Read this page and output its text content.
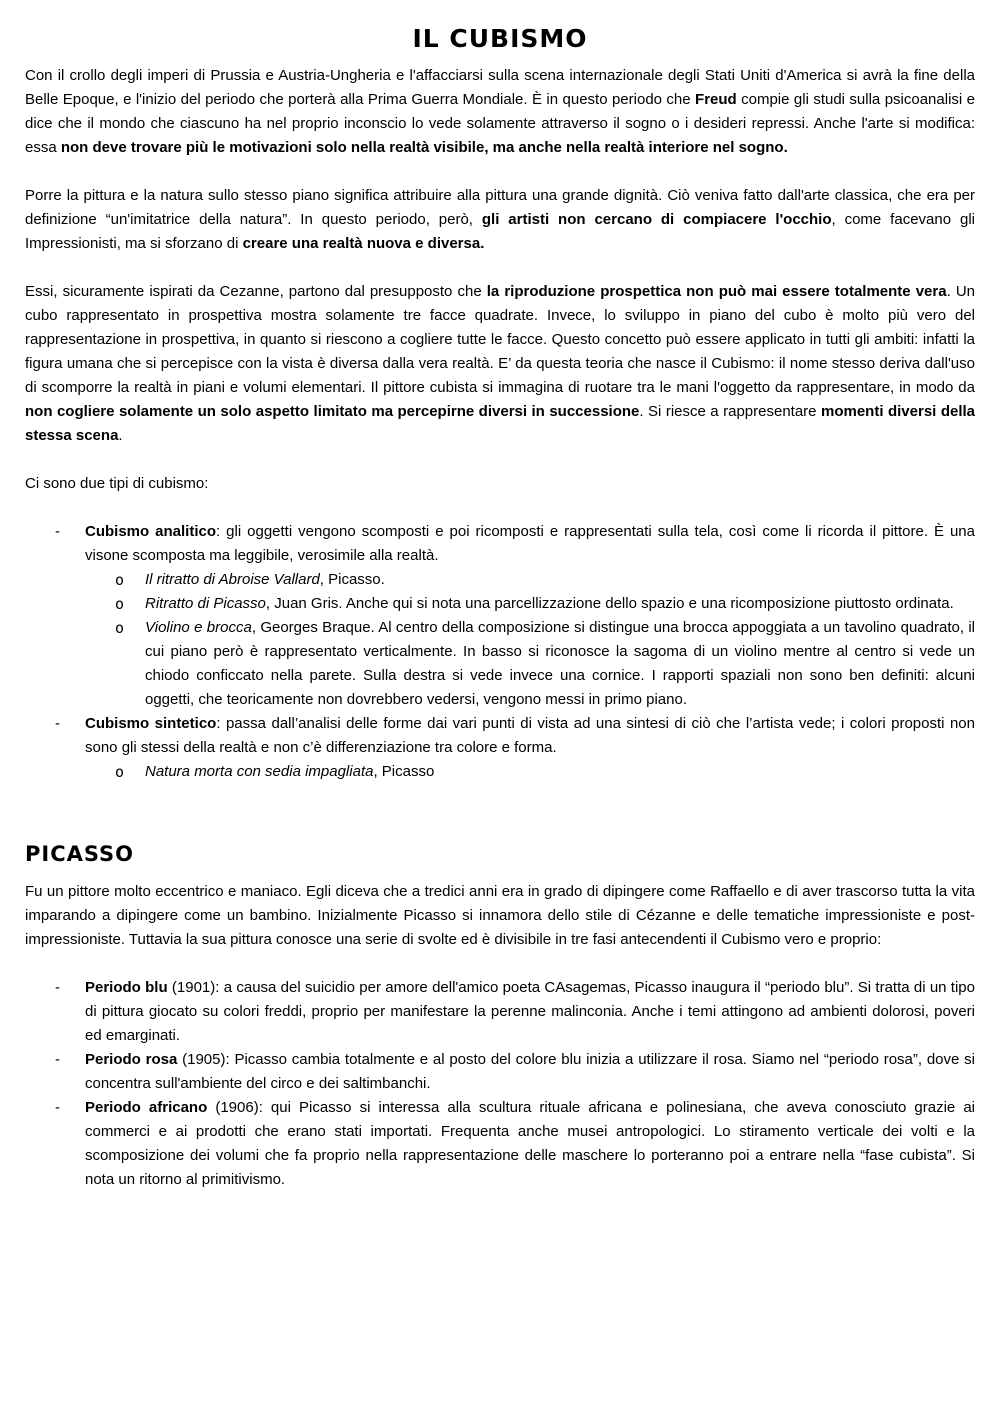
IL CUBISMO

Con il crollo degli imperi di Prussia e Austria-Ungheria e l'affacciarsi sulla scena internazionale degli Stati Uniti d'America si avrà la fine della Belle Epoque, e l'inizio del periodo che porterà alla Prima Guerra Mondiale. È in questo periodo che Freud compie gli studi sulla psicoanalisi e dice che il mondo che ciascuno ha nel proprio inconscio lo vede solamente attraverso il sogno o i desideri repressi. Anche l'arte si modifica: essa non deve trovare più le motivazioni solo nella realtà visibile, ma anche nella realtà interiore nel sogno.

Porre la pittura e la natura sullo stesso piano significa attribuire alla pittura una grande dignità. Ciò veniva fatto dall'arte classica, che era per definizione “un'imitatrice della natura”. In questo periodo, però, gli artisti non cercano di compiacere l'occhio, come facevano gli Impressionisti, ma si sforzano di creare una realtà nuova e diversa.

Essi, sicuramente ispirati da Cezanne, partono dal presupposto che la riproduzione prospettica non può mai essere totalmente vera. Un cubo rappresentato in prospettiva mostra solamente tre facce quadrate. Invece, lo sviluppo in piano del cubo è molto più vero del rappresentazione in prospettiva, in quanto si riescono a cogliere tutte le facce. Questo concetto può essere applicato in tutti gli ambiti: infatti la figura umana che si percepisce con la vista è diversa dalla vera realtà. E’ da questa teoria che nasce il Cubismo: il nome stesso deriva dall'uso di scomporre la realtà in piani e volumi elementari. Il pittore cubista si immagina di ruotare tra le mani l'oggetto da rappresentare, in modo da non cogliere solamente un solo aspetto limitato ma percepirne diversi in successione. Si riesce a rappresentare momenti diversi della stessa scena.

Ci sono due tipi di cubismo:

- Cubismo analitico: gli oggetti vengono scomposti e poi ricomposti e rappresentati sulla tela, così come li ricorda il pittore. È una visone scomposta ma leggibile, verosimile alla realtà.
o Il ritratto di Abroise Vallard, Picasso.
o Ritratto di Picasso, Juan Gris. Anche qui si nota una parcellizzazione dello spazio e una ricomposizione piuttosto ordinata.
o Violino e brocca, Georges Braque. Al centro della composizione si distingue una brocca appoggiata a un tavolino quadrato, il cui piano però è rappresentato verticalmente. In basso si riconosce la sagoma di un violino mentre al centro si vede un chiodo conficcato nella parete. Sulla destra si vede invece una cornice. I rapporti spaziali non sono ben definiti: alcuni oggetti, che teoricamente non dovrebbero vedersi, vengono messi in primo piano.
- Cubismo sintetico: passa dall’analisi delle forme dai vari punti di vista ad una sintesi di ciò che l’artista vede; i colori proposti non sono gli stessi della realtà e non c’è differenziazione tra colore e forma.
o Natura morta con sedia impagliata, Picasso
PICASSO

Fu un pittore molto eccentrico e maniaco. Egli diceva che a tredici anni era in grado di dipingere come Raffaello e di aver trascorso tutta la vita imparando a dipingere come un bambino. Inizialmente Picasso si innamora dello stile di Cézanne e delle tematiche impressioniste e post-impressioniste. Tuttavia la sua pittura conosce una serie di svolte ed è divisibile in tre fasi antecendenti il Cubismo vero e proprio:

- Periodo blu (1901): a causa del suicidio per amore dell'amico poeta CAsagemas, Picasso inaugura il “periodo blu”. Si tratta di un tipo di pittura giocato su colori freddi, proprio per manifestare la perenne malinconia. Anche i temi attingono ad ambienti dolorosi, poveri ed emarginati.
- Periodo rosa (1905): Picasso cambia totalmente e al posto del colore blu inizia a utilizzare il rosa. Siamo nel “periodo rosa”, dove si concentra sull'ambiente del circo e dei saltimbanchi.
- Periodo africano (1906): qui Picasso si interessa alla scultura rituale africana e polinesiana, che aveva conosciuto grazie ai commerci e ai prodotti che erano stati importati. Frequenta anche musei antropologici. Lo stiramento verticale dei volti e la scomposizione dei volumi che fa proprio nella rappresentazione delle maschere lo porteranno poi a entrare nella “fase cubista”. Si nota un ritorno al primitivismo.
